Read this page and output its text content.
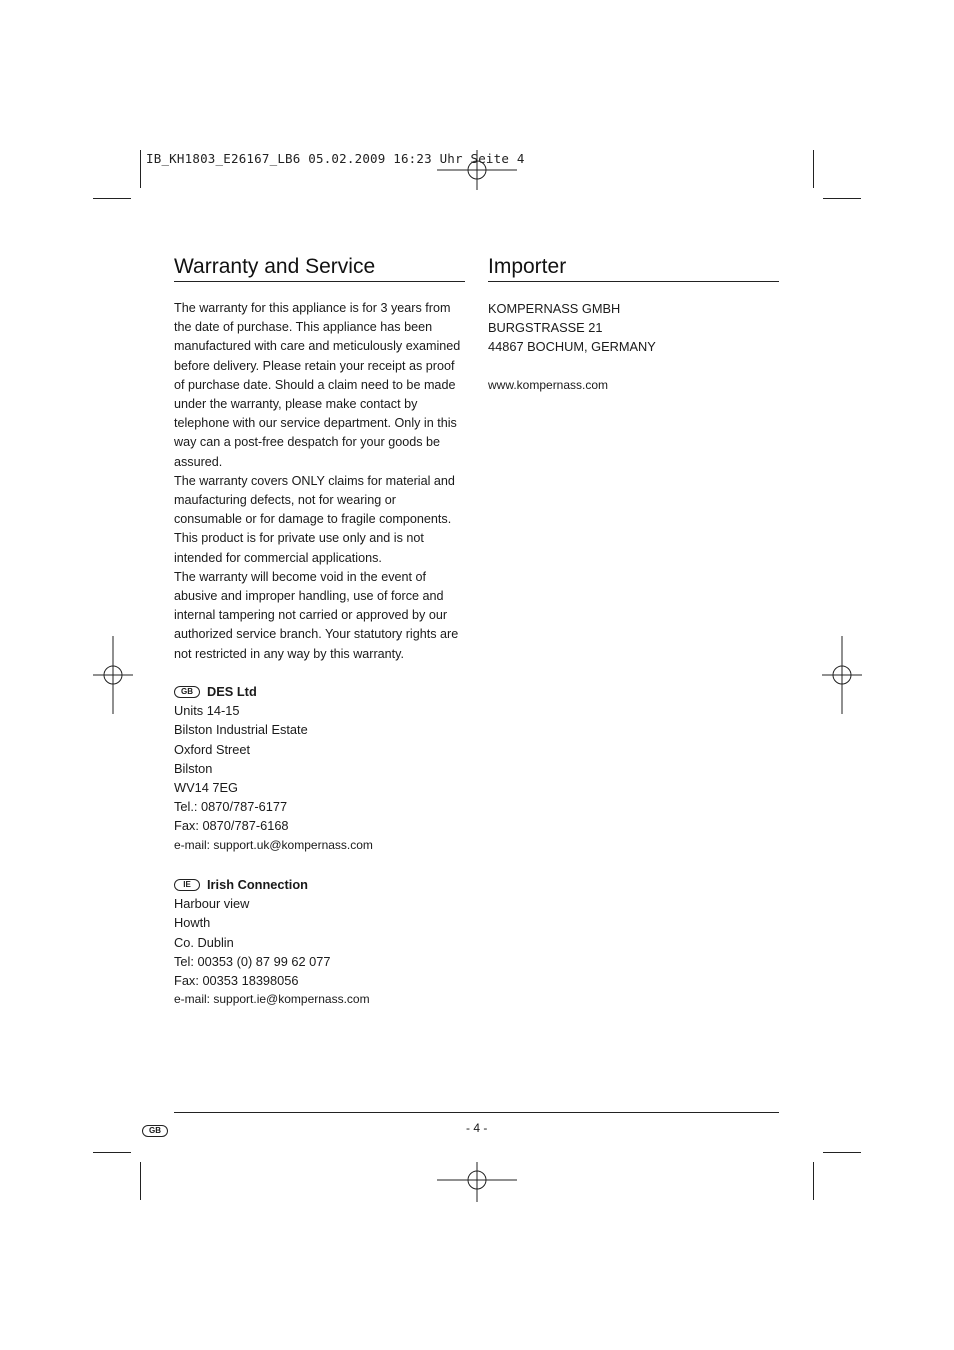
IB_KH1803_E26167_LB6 05.02.2009 16:23 Uhr Seite 4
Warranty and Service

The warranty for this appliance is for 3 years from the date of purchase. This appliance has been manufactured with care and meticulously examined before delivery. Please retain your receipt as proof of purchase date. Should a claim need to be made under the warranty, please make contact by telephone with our service department. Only in this way can a post-free despatch for your goods be assured.

The warranty covers ONLY claims for material and maufacturing defects, not for wearing or consumable or for damage to fragile components. This product is for private use only and is not intended for commercial applications.

The warranty will become void in the event of abusive and improper handling, use of force and internal tampering not carried or approved by our authorized service branch. Your statutory rights are not restricted in any way by this warranty.

GB DES Ltd
Units 14-15
Bilston Industrial Estate
Oxford Street
Bilston
WV14 7EG
Tel.: 0870/787-6177
Fax: 0870/787-6168
e-mail: support.uk@kompernass.com
IE Irish Connection
Harbour view
Howth
Co. Dublin
Tel: 00353 (0) 87 99 62 077
Fax: 00353 18398056
e-mail: support.ie@kompernass.com
Importer
KOMPERNASS GMBH
BURGSTRASSE 21
44867 BOCHUM, GERMANY
www.kompernass.com
GB	- 4 -
